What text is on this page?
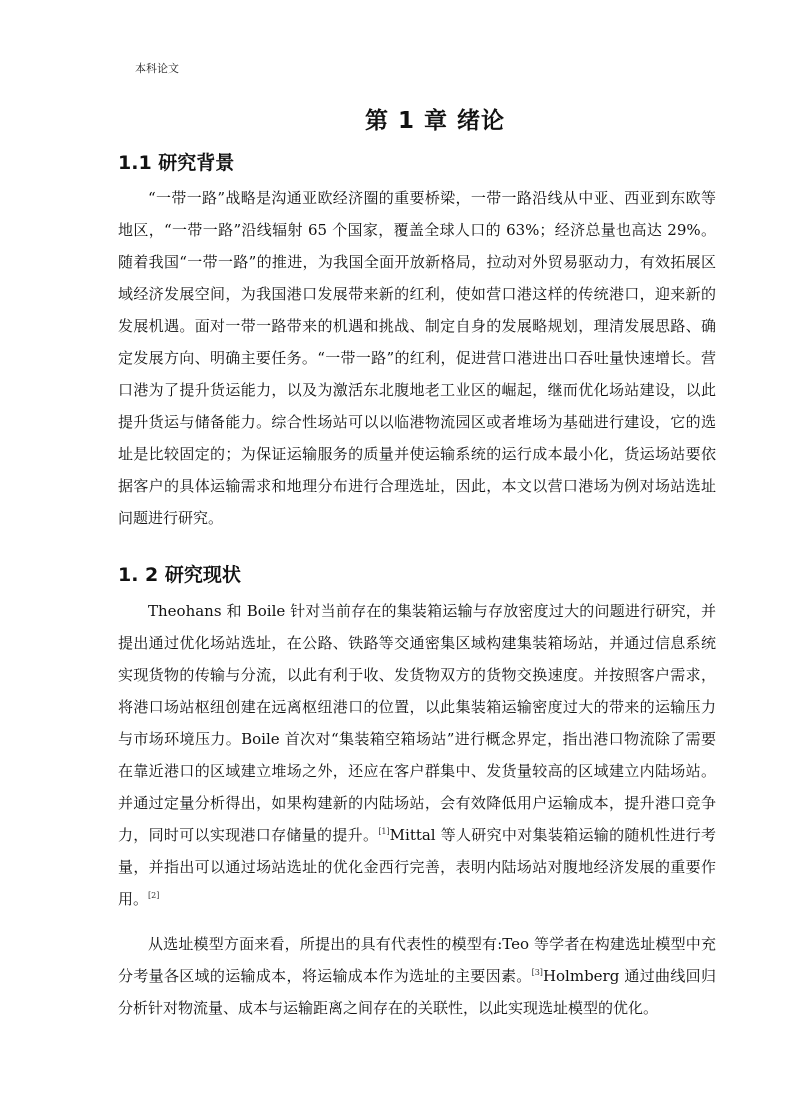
本科论文
第 1 章 绪论
1.1 研究背景

“一带一路”战略是沟通亚欧经济圈的重要桥梁，一带一路沿线从中亚、西亚到东欧等地区，“一带一路”沿线辐射 65 个国家，覆盖全球人口的 63%；经济总量也高达 29%。随着我国“一带一路”的推进，为我国全面开放新格局，拉动对外贸易驱动力，有效拓展区域经济发展空间，为我国港口发展带来新的红利，使如营口港这样的传统港口，迎来新的发展机遇。面对一带一路带来的机遇和挑战、制定自身的发展略规划，理清发展思路、确定发展方向、明确主要任务。“一带一路”的红利，促进营口港进出口吞吐量快速增长。营口港为了提升货运能力，以及为激活东北腹地老工业区的崛起，继而优化场站建设，以此提升货运与储备能力。综合性场站可以以临港物流园区或者堆场为基础进行建设，它的选址是比较固定的；为保证运输服务的质量并使运输系统的运行成本最小化，货运场站要依据客户的具体运输需求和地理分布进行合理选址，因此，本文以营口港场为例对场站选址问题进行研究。

1. 2 研究现状

Theohans 和 Boile 针对当前存在的集装箱运输与存放密度过大的问题进行研究，并提出通过优化场站选址，在公路、铁路等交通密集区域构建集装箱场站，并通过信息系统实现货物的传输与分流，以此有利于收、发货物双方的货物交换速度。并按照客户需求，将港口场站枢纽创建在远离枢纽港口的位置，以此集装箱运输密度过大的带来的运输压力与市场环境压力。Boile 首次对“集装箱空箱场站”进行概念界定，指出港口物流除了需要在靠近港口的区域建立堆场之外，还应在客户群集中、发货量较高的区域建立内陆场站。并通过定量分析得出，如果构建新的内陆场站，会有效降低用户运输成本，提升港口竞争力，同时可以实现港口存储量的提升。[1]Mittal 等人研究中对集装箱运输的随机性进行考量，并指出可以通过场站选址的优化金西行完善，表明内陆场站对腹地经济发展的重要作用。[2]

从选址模型方面来看，所提出的具有代表性的模型有:Teo 等学者在构建选址模型中充分考量各区域的运输成本，将运输成本作为选址的主要因素。[3]Holmberg 通过曲线回归分析针对物流量、成本与运输距离之间存在的关联性，以此实现选址模型的优化。
